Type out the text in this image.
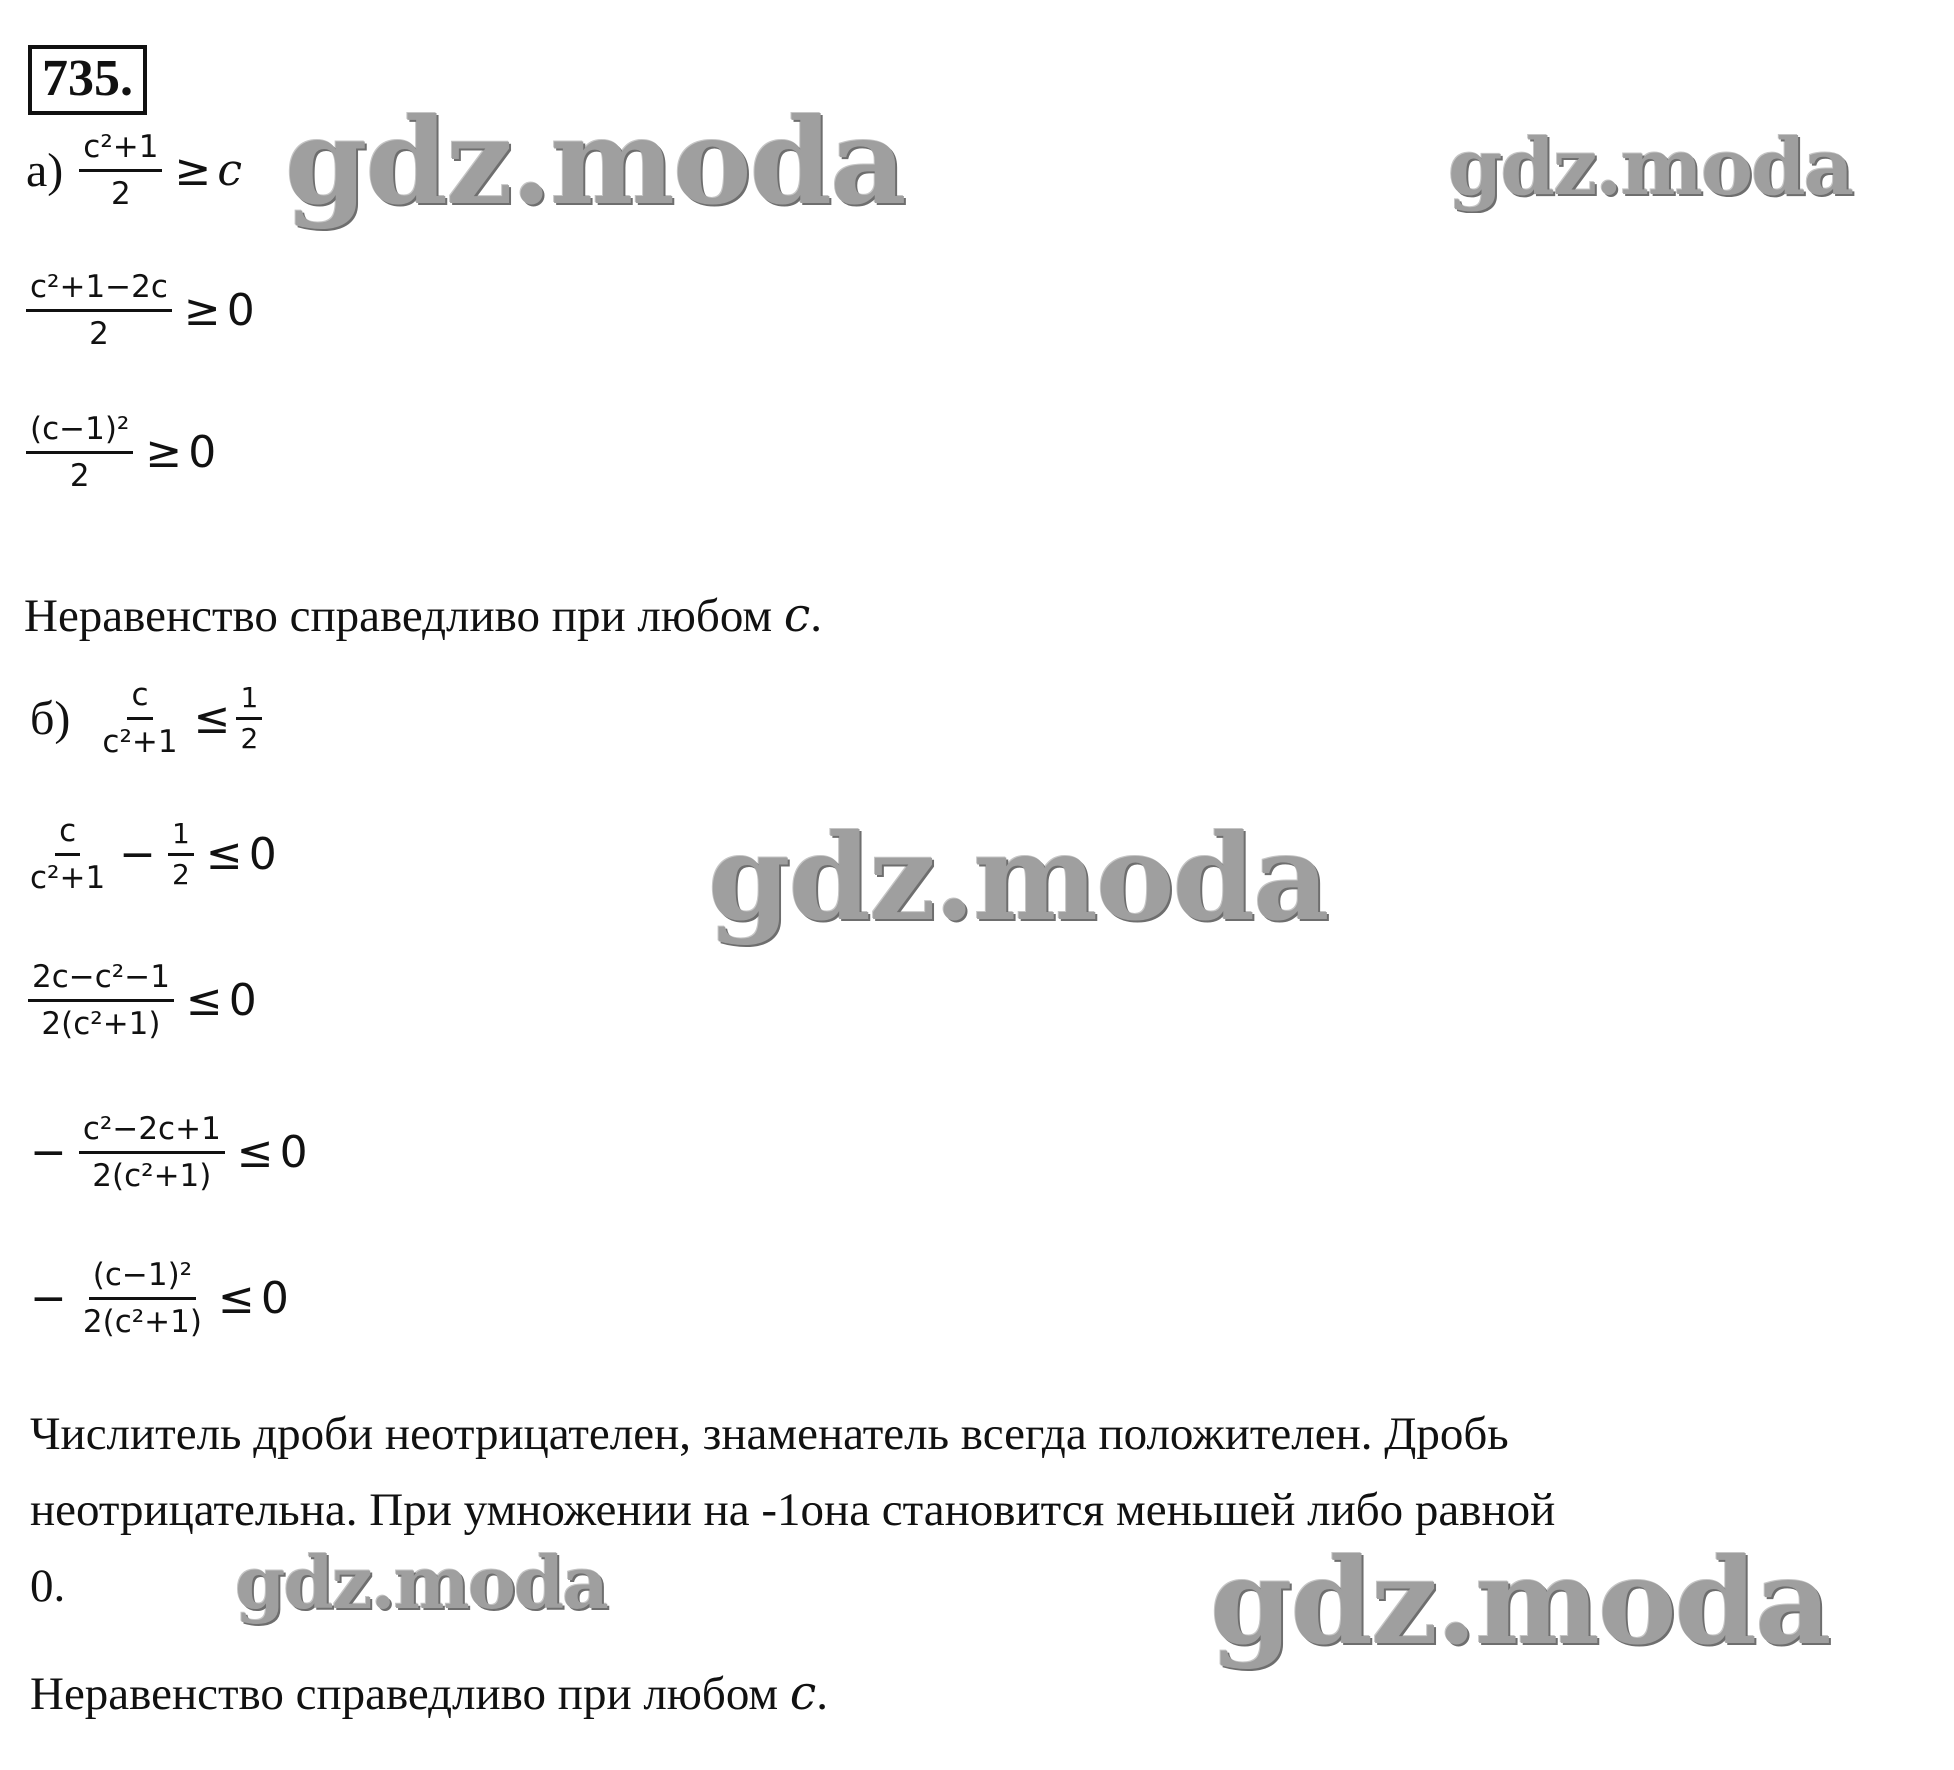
735.
$а) \frac{\text{c²+1}}{2} \ge c$
$\frac{\text{c²+1−2c}}{2} \ge 0$
$\frac{\text{(c−1)²}}{2} \ge 0$
Неравенство справедливо при любом c.
$б) \frac{c}{\text{c²+1}} \le \frac{1}{2}$
$\frac{c}{\text{c²+1}} - \frac{1}{2} \le 0$
$\frac{\text{2c−c²−1}}{\text{2(c²+1)}} \le 0$
− $\frac{\text{c²−2c+1}}{\text{2(c²+1)}} \le 0$
− $\frac{\text{(c−1)²}}{\text{2(c²+1)}} \le 0$
Числитель дроби неотрицателен, знаменатель всегда положителен. Дробь
неотрицательна. При умножении на -1она становится меньшей либо равной
0.
Неравенство справедливо при любом c.
gdz.moda	gdz.moda
gdz.moda
gdz.moda	gdz.moda
